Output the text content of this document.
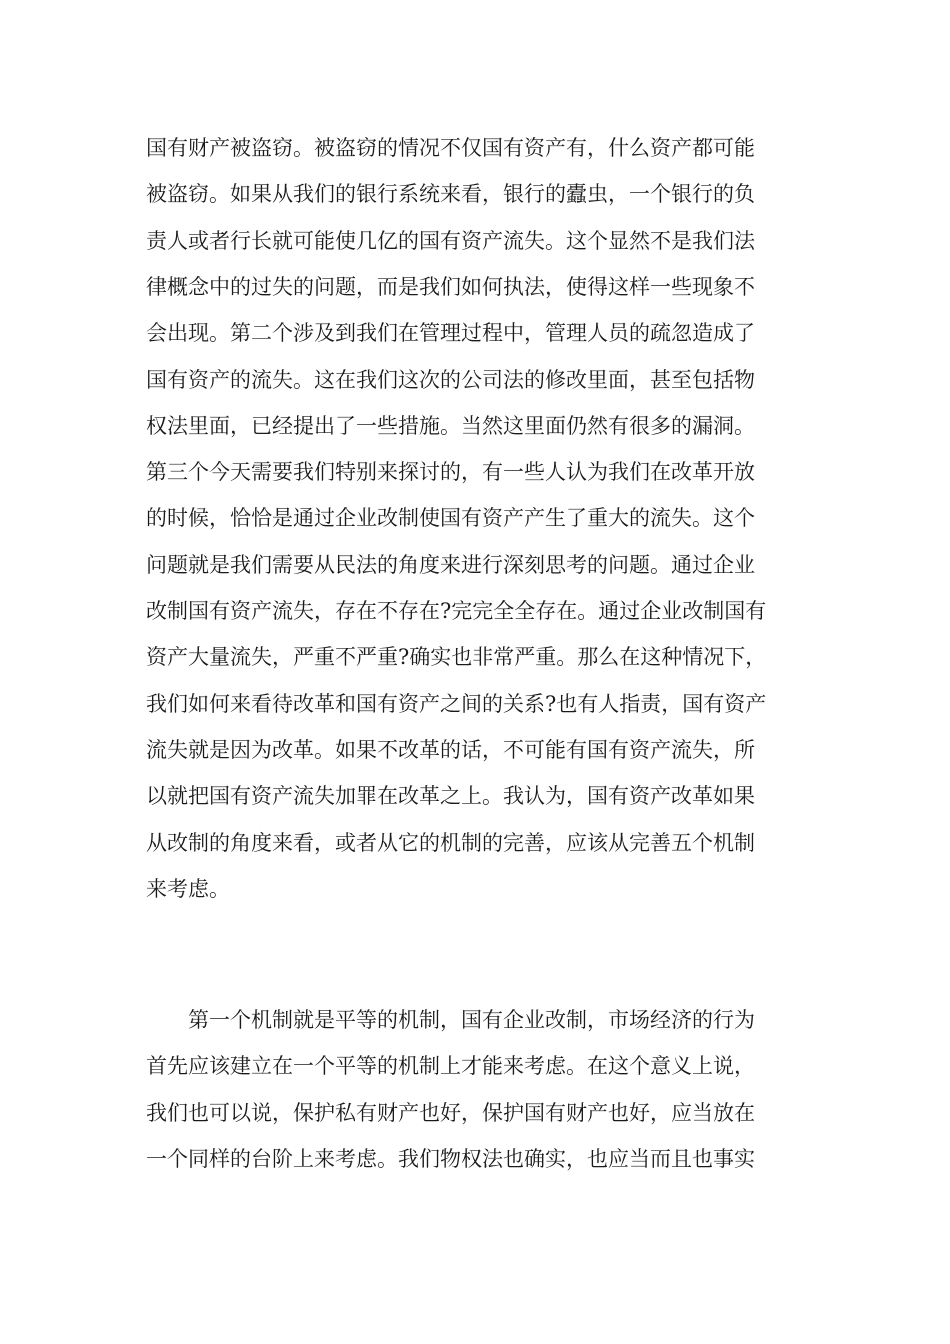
国有财产被盗窃。被盗窃的情况不仅国有资产有，什么资产都可能
被盗窃。如果从我们的银行系统来看，银行的蠹虫，一个银行的负
责人或者行长就可能使几亿的国有资产流失。这个显然不是我们法
律概念中的过失的问题，而是我们如何执法，使得这样一些现象不
会出现。第二个涉及到我们在管理过程中，管理人员的疏忽造成了
国有资产的流失。这在我们这次的公司法的修改里面，甚至包括物
权法里面，已经提出了一些措施。当然这里面仍然有很多的漏洞。
第三个今天需要我们特别来探讨的，有一些人认为我们在改革开放
的时候，恰恰是通过企业改制使国有资产产生了重大的流失。这个
问题就是我们需要从民法的角度来进行深刻思考的问题。通过企业
改制国有资产流失，存在不存在?完完全全存在。通过企业改制国有
资产大量流失，严重不严重?确实也非常严重。那么在这种情况下，
我们如何来看待改革和国有资产之间的关系?也有人指责，国有资产
流失就是因为改革。如果不改革的话，不可能有国有资产流失，所
以就把国有资产流失加罪在改革之上。我认为，国有资产改革如果
从改制的角度来看，或者从它的机制的完善，应该从完善五个机制
来考虑。
第一个机制就是平等的机制，国有企业改制，市场经济的行为
首先应该建立在一个平等的机制上才能来考虑。在这个意义上说，
我们也可以说，保护私有财产也好，保护国有财产也好，应当放在
一个同样的台阶上来考虑。我们物权法也确实，也应当而且也事实
